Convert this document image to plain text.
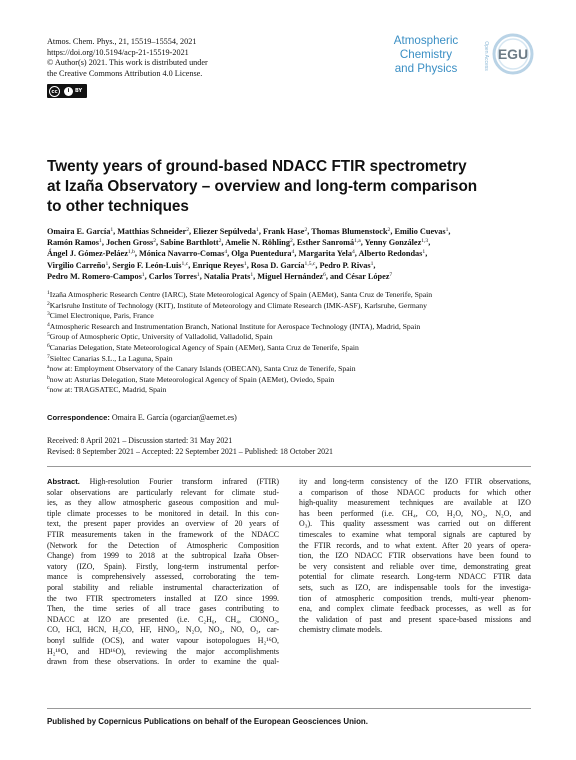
Atmos. Chem. Phys., 21, 15519–15554, 2021
https://doi.org/10.5194/acp-21-15519-2021
© Author(s) 2021. This work is distributed under
the Creative Commons Attribution 4.0 License.
cc	i	BY
Atmospheric
Chemistry
and Physics	Open Access EGU
Twenty years of ground-based NDACC FTIR spectrometry
at Izaña Observatory – overview and long-term comparison
to other techniques
Omaira E. García$^1$, Matthias Schneider$^2$, Eliezer Sepúlveda$^1$, Frank Hase$^2$, Thomas Blumenstock$^2$, Emilio Cuevas$^1$,
Ramón Ramos$^1$, Jochen Gross$^2$, Sabine Barthlott$^2$, Amelie N. Röhling$^2$, Esther Sanromá$^{1,a}$, Yenny González$^{1,3}$,
Ángel J. Gómez-Peláez$^{1,b}$, Mónica Navarro-Comas$^4$, Olga Puentedura$^4$, Margarita Yela$^4$, Alberto Redondas$^1$,
Virgilio Carreño$^1$, Sergio F. León-Luis$^{1,c}$, Enrique Reyes$^1$, Rosa D. García$^{1,5,c}$, Pedro P. Rivas$^1$,
Pedro M. Romero-Campos$^1$, Carlos Torres$^1$, Natalia Prats$^1$, Miguel Hernández$^6$, and César López$^7$
$^1$Izaña Atmospheric Research Centre (IARC), State Meteorological Agency of Spain (AEMet), Santa Cruz de Tenerife, Spain
$^2$Karlsruhe Institute of Technology (KIT), Institute of Meteorology and Climate Research (IMK-ASF), Karlsruhe, Germany
$^3$Cimel Electronique, Paris, France
$^4$Atmospheric Research and Instrumentation Branch, National Institute for Aerospace Technology (INTA), Madrid, Spain
$^5$Group of Atmospheric Optic, University of Valladolid, Valladolid, Spain
$^6$Canarias Delegation, State Meteorological Agency of Spain (AEMet), Santa Cruz de Tenerife, Spain
$^7$Sieltec Canarias S.L., La Laguna, Spain
$^a$now at: Employment Observatory of the Canary Islands (OBECAN), Santa Cruz de Tenerife, Spain
$^b$now at: Asturias Delegation, State Meteorological Agency of Spain (AEMet), Oviedo, Spain
$^c$now at: TRAGSATEC, Madrid, Spain
Correspondence: Omaira E. García (ogarciar@aemet.es)
Received: 8 April 2021 – Discussion started: 31 May 2021
Revised: 8 September 2021 – Accepted: 22 September 2021 – Published: 18 October 2021
Abstract. High-resolution Fourier transform infrared (FTIR)
solar observations are particularly relevant for climate stud-
ies, as they allow atmospheric gaseous composition and mul-
tiple climate processes to be monitored in detail. In this con-
text, the present paper provides an overview of 20 years of
FTIR measurements taken in the framework of the NDACC
(Network for the Detection of Atmospheric Composition
Change) from 1999 to 2018 at the subtropical Izaña Obser-
vatory (IZO, Spain). Firstly, long-term instrumental perfor-
mance is comprehensively assessed, corroborating the tem-
poral stability and reliable instrumental characterization of
the two FTIR spectrometers installed at IZO since 1999.
Then, the time series of all trace gases contributing to
NDACC at IZO are presented (i.e. C₂H₆, CH₄, ClONO₂,
CO, HCl, HCN, H₂CO, HF, HNO₃, N₂O, NO₂, NO, O₃, car-
bonyl sulfide (OCS), and water vapour isotopologues H₂¹⁶O,
H₂¹⁸O, and HD¹⁶O), reviewing the major accomplishments
drawn from these observations. In order to examine the qual-
ity and long-term consistency of the IZO FTIR observations,
a comparison of those NDACC products for which other
high-quality measurement techniques are available at IZO
has been performed (i.e. CH₄, CO, H₂O, NO₂, N₂O, and
O₃). This quality assessment was carried out on different
timescales to examine what temporal signals are captured by
the FTIR records, and to what extent. After 20 years of opera-
tion, the IZO NDACC FTIR observations have been found to
be very consistent and reliable over time, demonstrating great
potential for climate research. Long-term NDACC FTIR data
sets, such as IZO, are indispensable tools for the investiga-
tion of atmospheric composition trends, multi-year phenom-
ena, and complex climate feedback processes, as well as for
the validation of past and present space-based missions and
chemistry climate models.
Published by Copernicus Publications on behalf of the European Geosciences Union.
